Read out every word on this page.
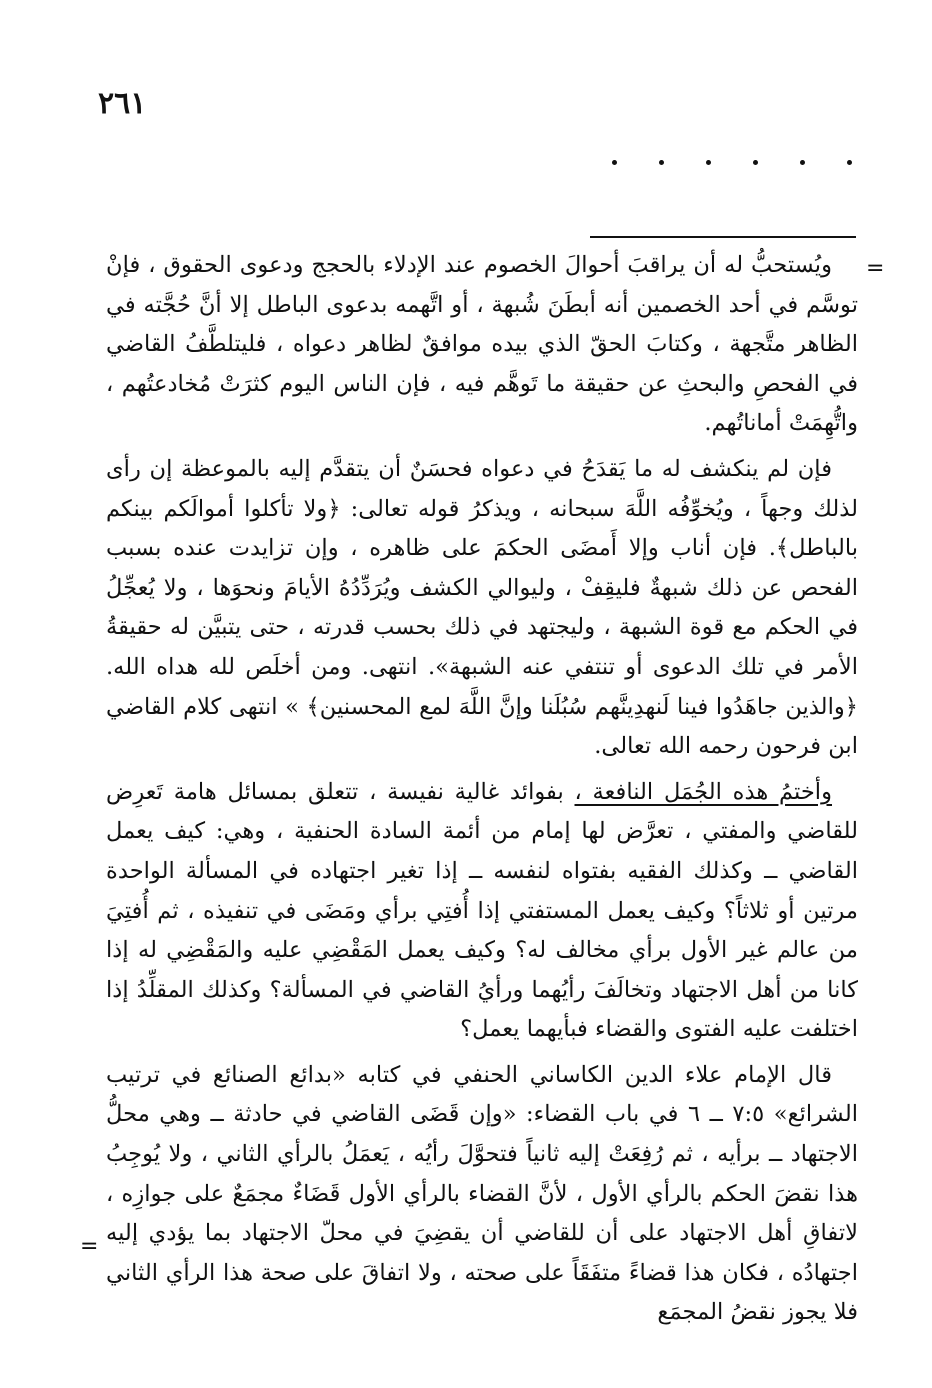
٢٦١
=

ويُستحبُّ له أن يراقبَ أحوالَ الخصوم عند الإدلاء بالحجج ودعوى الحقوق ، فإنْ توسَّم في أحد الخصمين أنه أبطَنَ شُبهة ، أو اتَّهمه بدعوى الباطل إلا أنَّ حُجَّته في الظاهر متَّجهة ، وكتابَ الحقّ الذي بيده موافقٌ لظاهر دعواه ، فليتلطَّفُ القاضي في الفحصِ والبحثِ عن حقيقة ما تَوهَّم فيه ، فإن الناس اليوم كثرَتْ مُخادعتُهم ، واتُّهِمَتْ أماناتُهم.

فإن لم ينكشف له ما يَقدَحُ في دعواه فحسَنٌ أن يتقدَّم إليه بالموعظة إن رأى لذلك وجهاً ، ويُخوِّفُه اللَّهَ سبحانه ، ويذكرُ قوله تعالى: ﴿ولا تأكلوا أموالَكم بينكم بالباطل﴾. فإن أناب وإلا أَمضَى الحكمَ على ظاهره ، وإن تزايدت عنده بسبب الفحص عن ذلك شبهةٌ فليقِفْ ، وليوالي الكشف ويُرَدِّدُهُ الأيامَ ونحوَها ، ولا يُعجِّلُ في الحكم مع قوة الشبهة ، وليجتهد في ذلك بحسب قدرته ، حتى يتبيَّن له حقيقةُ الأمر في تلك الدعوى أو تنتفي عنه الشبهة». انتهى. ومن أخلَص لله هداه الله. ﴿والذين جاهَدُوا فينا لَنهدِينَّهم سُبُلَنا وإنَّ اللَّهَ لمع المحسنين﴾ » انتهى كلام القاضي ابن فرحون رحمه الله تعالى.

وأختمُ هذه الجُمَل النافعة ، بفوائد غالية نفيسة ، تتعلق بمسائل هامة تَعرِض للقاضي والمفتي ، تعرَّض لها إمام من أئمة السادة الحنفية ، وهي: كيف يعمل القاضي ــ وكذلك الفقيه بفتواه لنفسه ــ إذا تغير اجتهاده في المسألة الواحدة مرتين أو ثلاثاً؟ وكيف يعمل المستفتي إذا أُفتِي برأي ومَضَى في تنفيذه ، ثم أُفتِيَ من عالم غير الأول برأي مخالف له؟ وكيف يعمل المَقْضِي عليه والمَقْضِي له إذا كانا من أهل الاجتهاد وتخالَفَ رأيُهما ورأيُ القاضي في المسألة؟ وكذلك المقلِّدُ إذا اختلفت عليه الفتوى والقضاء فبأيهما يعمل؟

قال الإمام علاء الدين الكاساني الحنفي في كتابه «بدائع الصنائع في ترتيب الشرائع» ٧:٥ ــ ٦ في باب القضاء: «وإن قَضَى القاضي في حادثة ــ وهي محلُّ الاجتهاد ــ برأيه ، ثم رُفِعَتْ إليه ثانياً فتحوَّلَ رأيُه ، يَعمَلُ بالرأي الثاني ، ولا يُوجِبُ هذا نقضَ الحكم بالرأي الأول ، لأنَّ القضاء بالرأي الأول قَضَاءٌ مجمَعٌ على جوازِه ، لاتفاقِ أهل الاجتهاد على أن للقاضي أن يقضِيَ في محلّ الاجتهاد بما يؤدي إليه اجتهادُه ، فكان هذا قضاءً متفَقَاً على صحته ، ولا اتفاقَ على صحة هذا الرأي الثاني فلا يجوز نقضُ المجمَع

=
